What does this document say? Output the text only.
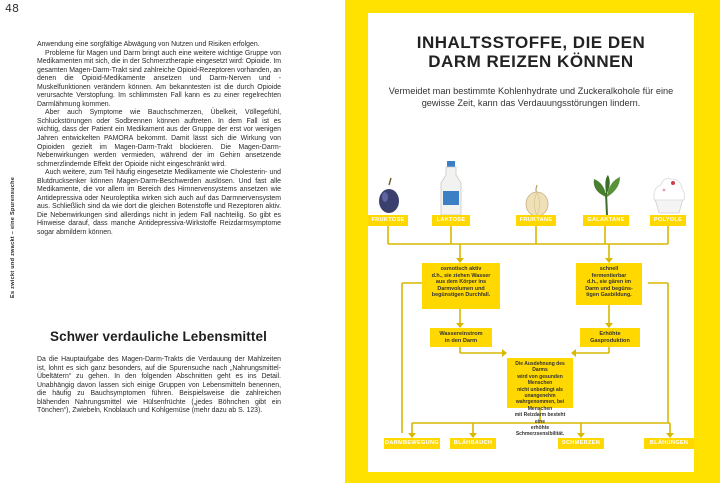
48
Es zwickt und zwackt – eine Spurensuche

Anwendung eine sorgfältige Abwägung von Nutzen und Risiken erfolgen.

Probleme für Magen und Darm bringt auch eine weitere wichtige Gruppe von Medikamenten mit sich, die in der Schmerztherapie eingesetzt wird: Opioide. Im gesamten Magen-Darm-Trakt sind zahlreiche Opioid-Rezeptoren vorhanden, an denen die Opioid-Medikamente ansetzen und Darm-Nerven und -Muskelfunktionen verändern können. Am bekanntesten ist die durch Opioide verursachte Verstopfung. Im schlimmsten Fall kann es zu einer regelrechten Darmlähmung kommen.

Aber auch Symptome wie Bauchschmerzen, Übelkeit, Völlegefühl, Schluckstörungen oder Sodbrennen können auftreten. In dem Fall ist es wichtig, dass der Patient ein Medikament aus der Gruppe der erst vor wenigen Jahren entwickelten PAMORA bekommt. Damit lässt sich die Wirkung von Opioiden gezielt im Magen-Darm-Trakt blockieren. Die Magen-Darm-Nebenwirkungen werden vermieden, während der im Gehirn ansetzende schmerzlindernde Effekt der Opioide nicht eingeschränkt wird.

Auch weitere, zum Teil häufig eingesetzte Medikamente wie Cholesterin- und Blutdrucksenker können Magen-Darm-Beschwerden auslösen. Und fast alle Medikamente, die vor allem im Bereich des Hirnnervensystems ansetzen wie Antidepressiva oder Neuroleptika wirken sich auch auf das Darmnervensystem aus. Schließlich sind da wie dort die gleichen Botenstoffe und Rezeptoren aktiv. Die Nebenwirkungen sind allerdings nicht in jedem Fall nachteilig. So gibt es Hinweise darauf, dass manche Antidepressiva-Wirkstoffe Reizdarmsymptome sogar abmildern können.

Schwer verdauliche Lebensmittel

Da die Hauptaufgabe des Magen-Darm-Trakts die Verdauung der Mahlzeiten ist, lohnt es sich ganz besonders, auf die Spurensuche nach „Nahrungsmittel-Übeltätern“ zu gehen. In den folgenden Abschnitten geht es ins Detail. Unabhängig davon lassen sich einige Gruppen von Lebensmitteln benennen, die häufig zu Bauchsymptomen führen. Beispielsweise die zahlreichen blähenden Nahrungsmittel wie Hülsenfrüchte („jedes Böhnchen gibt ein Tönchen“), Zwiebeln, Knoblauch und Kohlgemüse (mehr dazu ab S. 123).

INHALTSSTOFFE, DIE DEN
DARM REIZEN KÖNNEN
Vermeidet man bestimmte Kohlenhydrate und Zuckeralkohole für eine gewisse Zeit, kann das Verdauungsstörungen lindern.
FRUKTOSE	LAKTOSE	FRUKTANE	GALAKTANE	POLYOLE
osmotisch aktiv
d.h., sie ziehen Wasser
aus dem Körper ins
Darmvolumen und
begünstigen Durchfall.
schnell
fermentierbar
d.h., sie gären im
Darm und begüns-
tigen Gasbildung.
Wassereinstrom
in den Darm
Erhöhte
Gasproduktion
Die Ausdehnung des Darms
wird von gesunden Menschen
nicht unbedingt als unangenehm
wahrgenommen, bei Menschen
mit Reizdarm besteht eine
erhöhte Schmerzsensibilität.
DARMBEWEGUNG	BLÄHBAUCH	SCHMERZEN	BLÄHUNGEN
